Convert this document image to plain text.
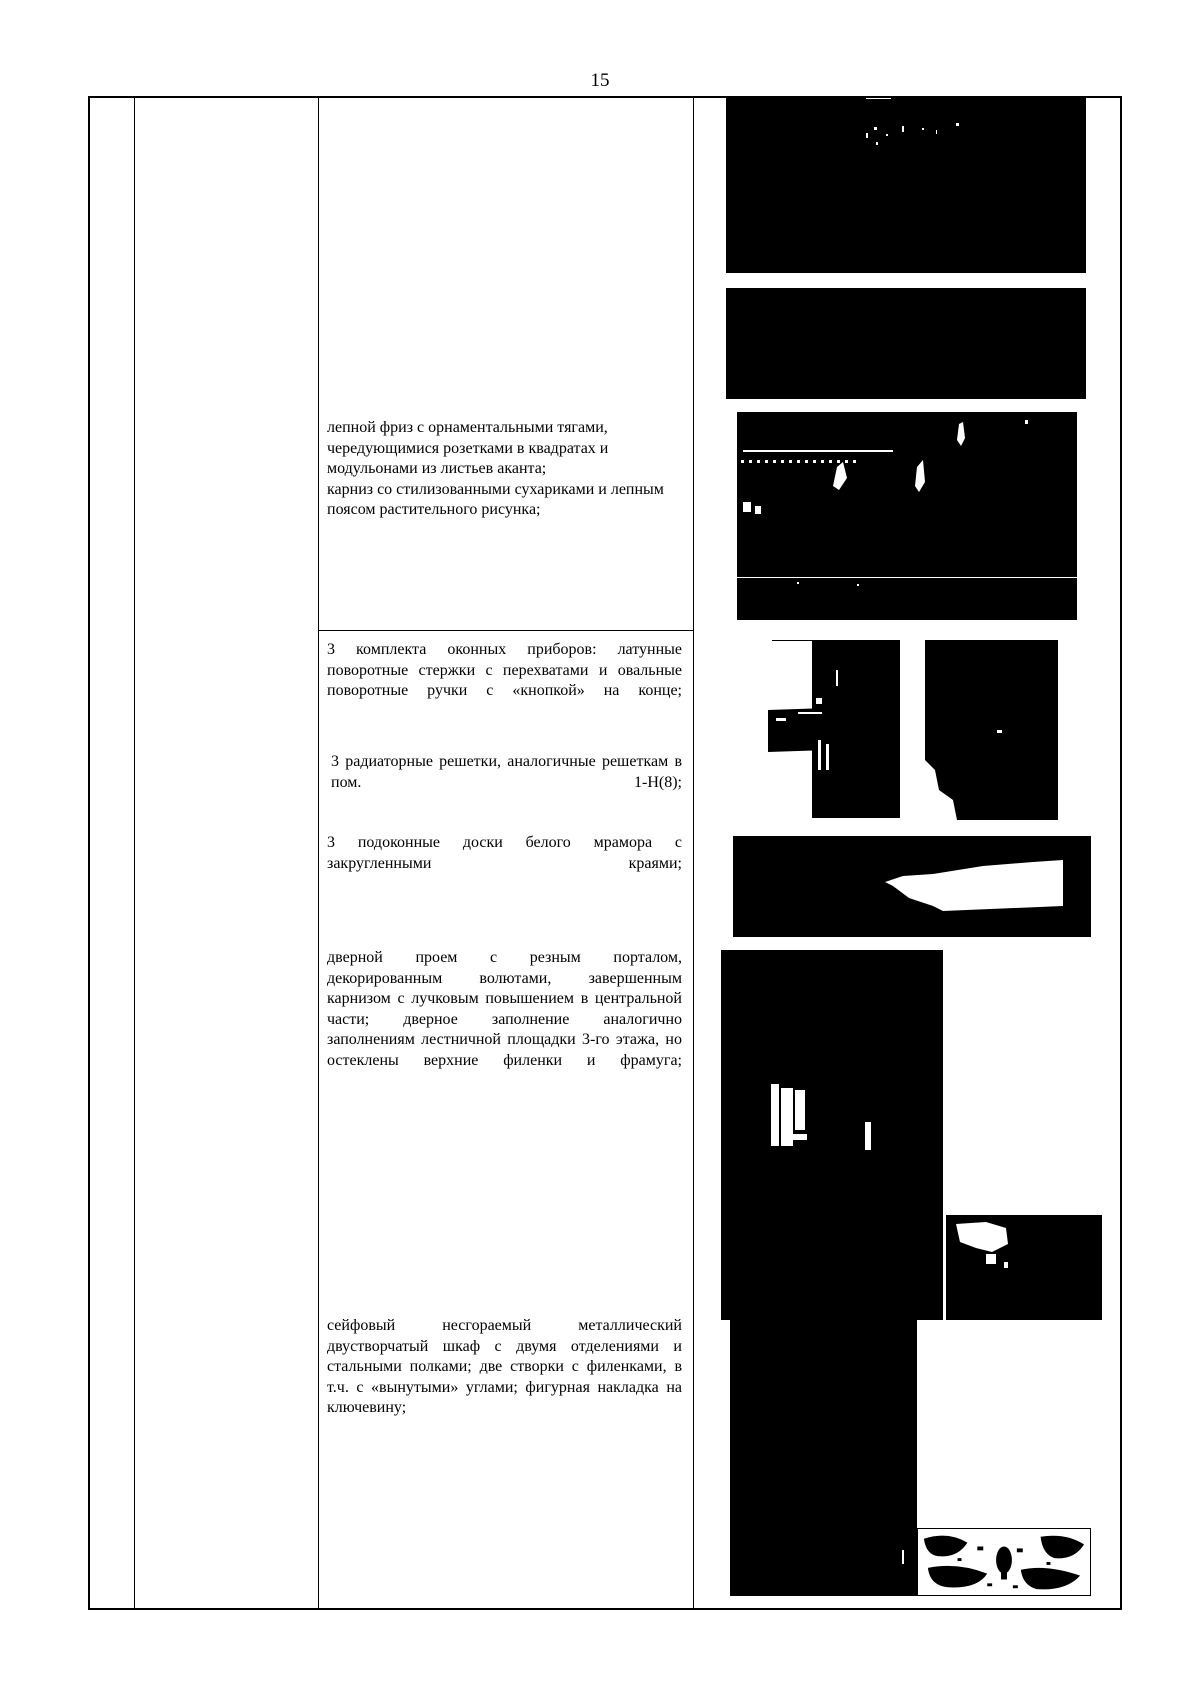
15
лепной фриз с орнаментальными тягами, чередующимися розетками в квадратах и модульонами из листьев аканта;
карниз со стилизованными сухариками и лепным поясом растительного рисунка;
3 комплекта оконных приборов: латунные поворотные стержки с перехватами и овальные поворотные ручки с «кнопкой» на конце;
3 радиаторные решетки, аналогичные решеткам в пом. 1-Н(8);
3 подоконные доски белого мрамора с закругленными краями;
дверной проем с резным порталом, декорированным волютами, завершенным карнизом с лучковым повышением в центральной части; дверное заполнение аналогично заполнениям лестничной площадки 3-го этажа, но остеклены верхние филенки и фрамуга;
сейфовый несгораемый металлический двустворчатый шкаф с двумя отделениями и стальными полками; две створки с филенками, в т.ч. с «вынутыми» углами; фигурная накладка на ключевину;
